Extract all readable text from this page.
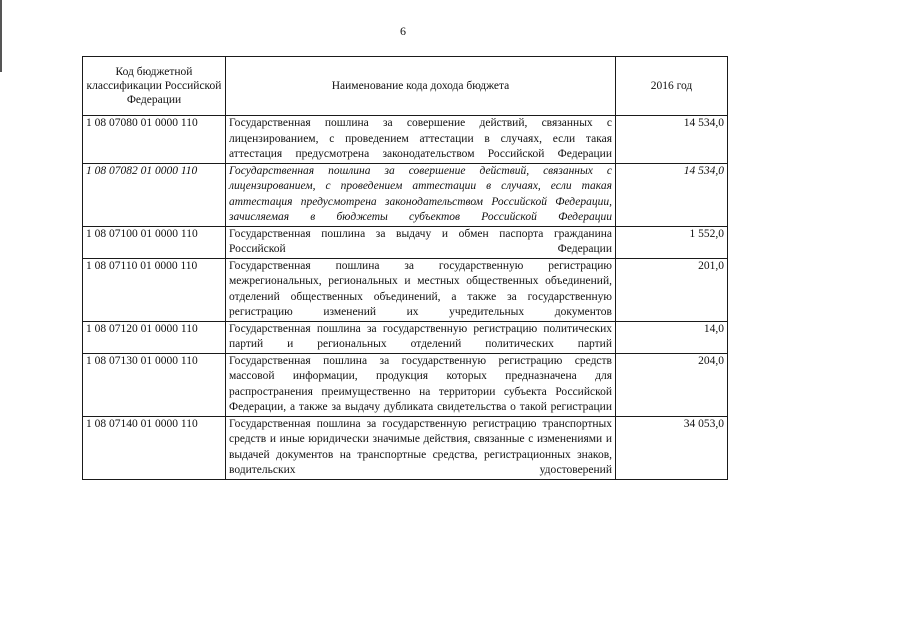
6
Код бюджетной классификации Российской Федерации	Наименование кода дохода бюджета	2016 год
1 08 07080 01 0000 110	Государственная пошлина за совершение действий, связанных с лицензированием, с проведением аттестации в случаях, если такая аттестация предусмотрена законодательством Российской Федерации	14 534,0
1 08 07082 01 0000 110	Государственная пошлина за совершение действий, связанных с лицензированием, с проведением аттестации в случаях, если такая аттестация предусмотрена законодательством Российской Федерации, зачисляемая в бюджеты субъектов Российской Федерации	14 534,0
1 08 07100 01 0000 110	Государственная пошлина за выдачу и обмен паспорта гражданина Российской Федерации	1 552,0
1 08 07110 01 0000 110	Государственная пошлина за государственную регистрацию межрегиональных, региональных и местных общественных объединений, отделений общественных объединений, а также за государственную регистрацию изменений их учредительных документов	201,0
1 08 07120 01 0000 110	Государственная пошлина за государственную регистрацию политических партий и региональных отделений политических партий	14,0
1 08 07130 01 0000 110	Государственная пошлина за государственную регистрацию средств массовой информации, продукция которых предназначена для распространения преимущественно на территории субъекта Российской Федерации, а также за выдачу дубликата свидетельства о такой регистрации	204,0
1 08 07140 01 0000 110	Государственная пошлина за государственную регистрацию транспортных средств и иные юридически значимые действия, связанные с изменениями и выдачей документов на транспортные средства, регистрационных знаков, водительских удостоверений	34 053,0
